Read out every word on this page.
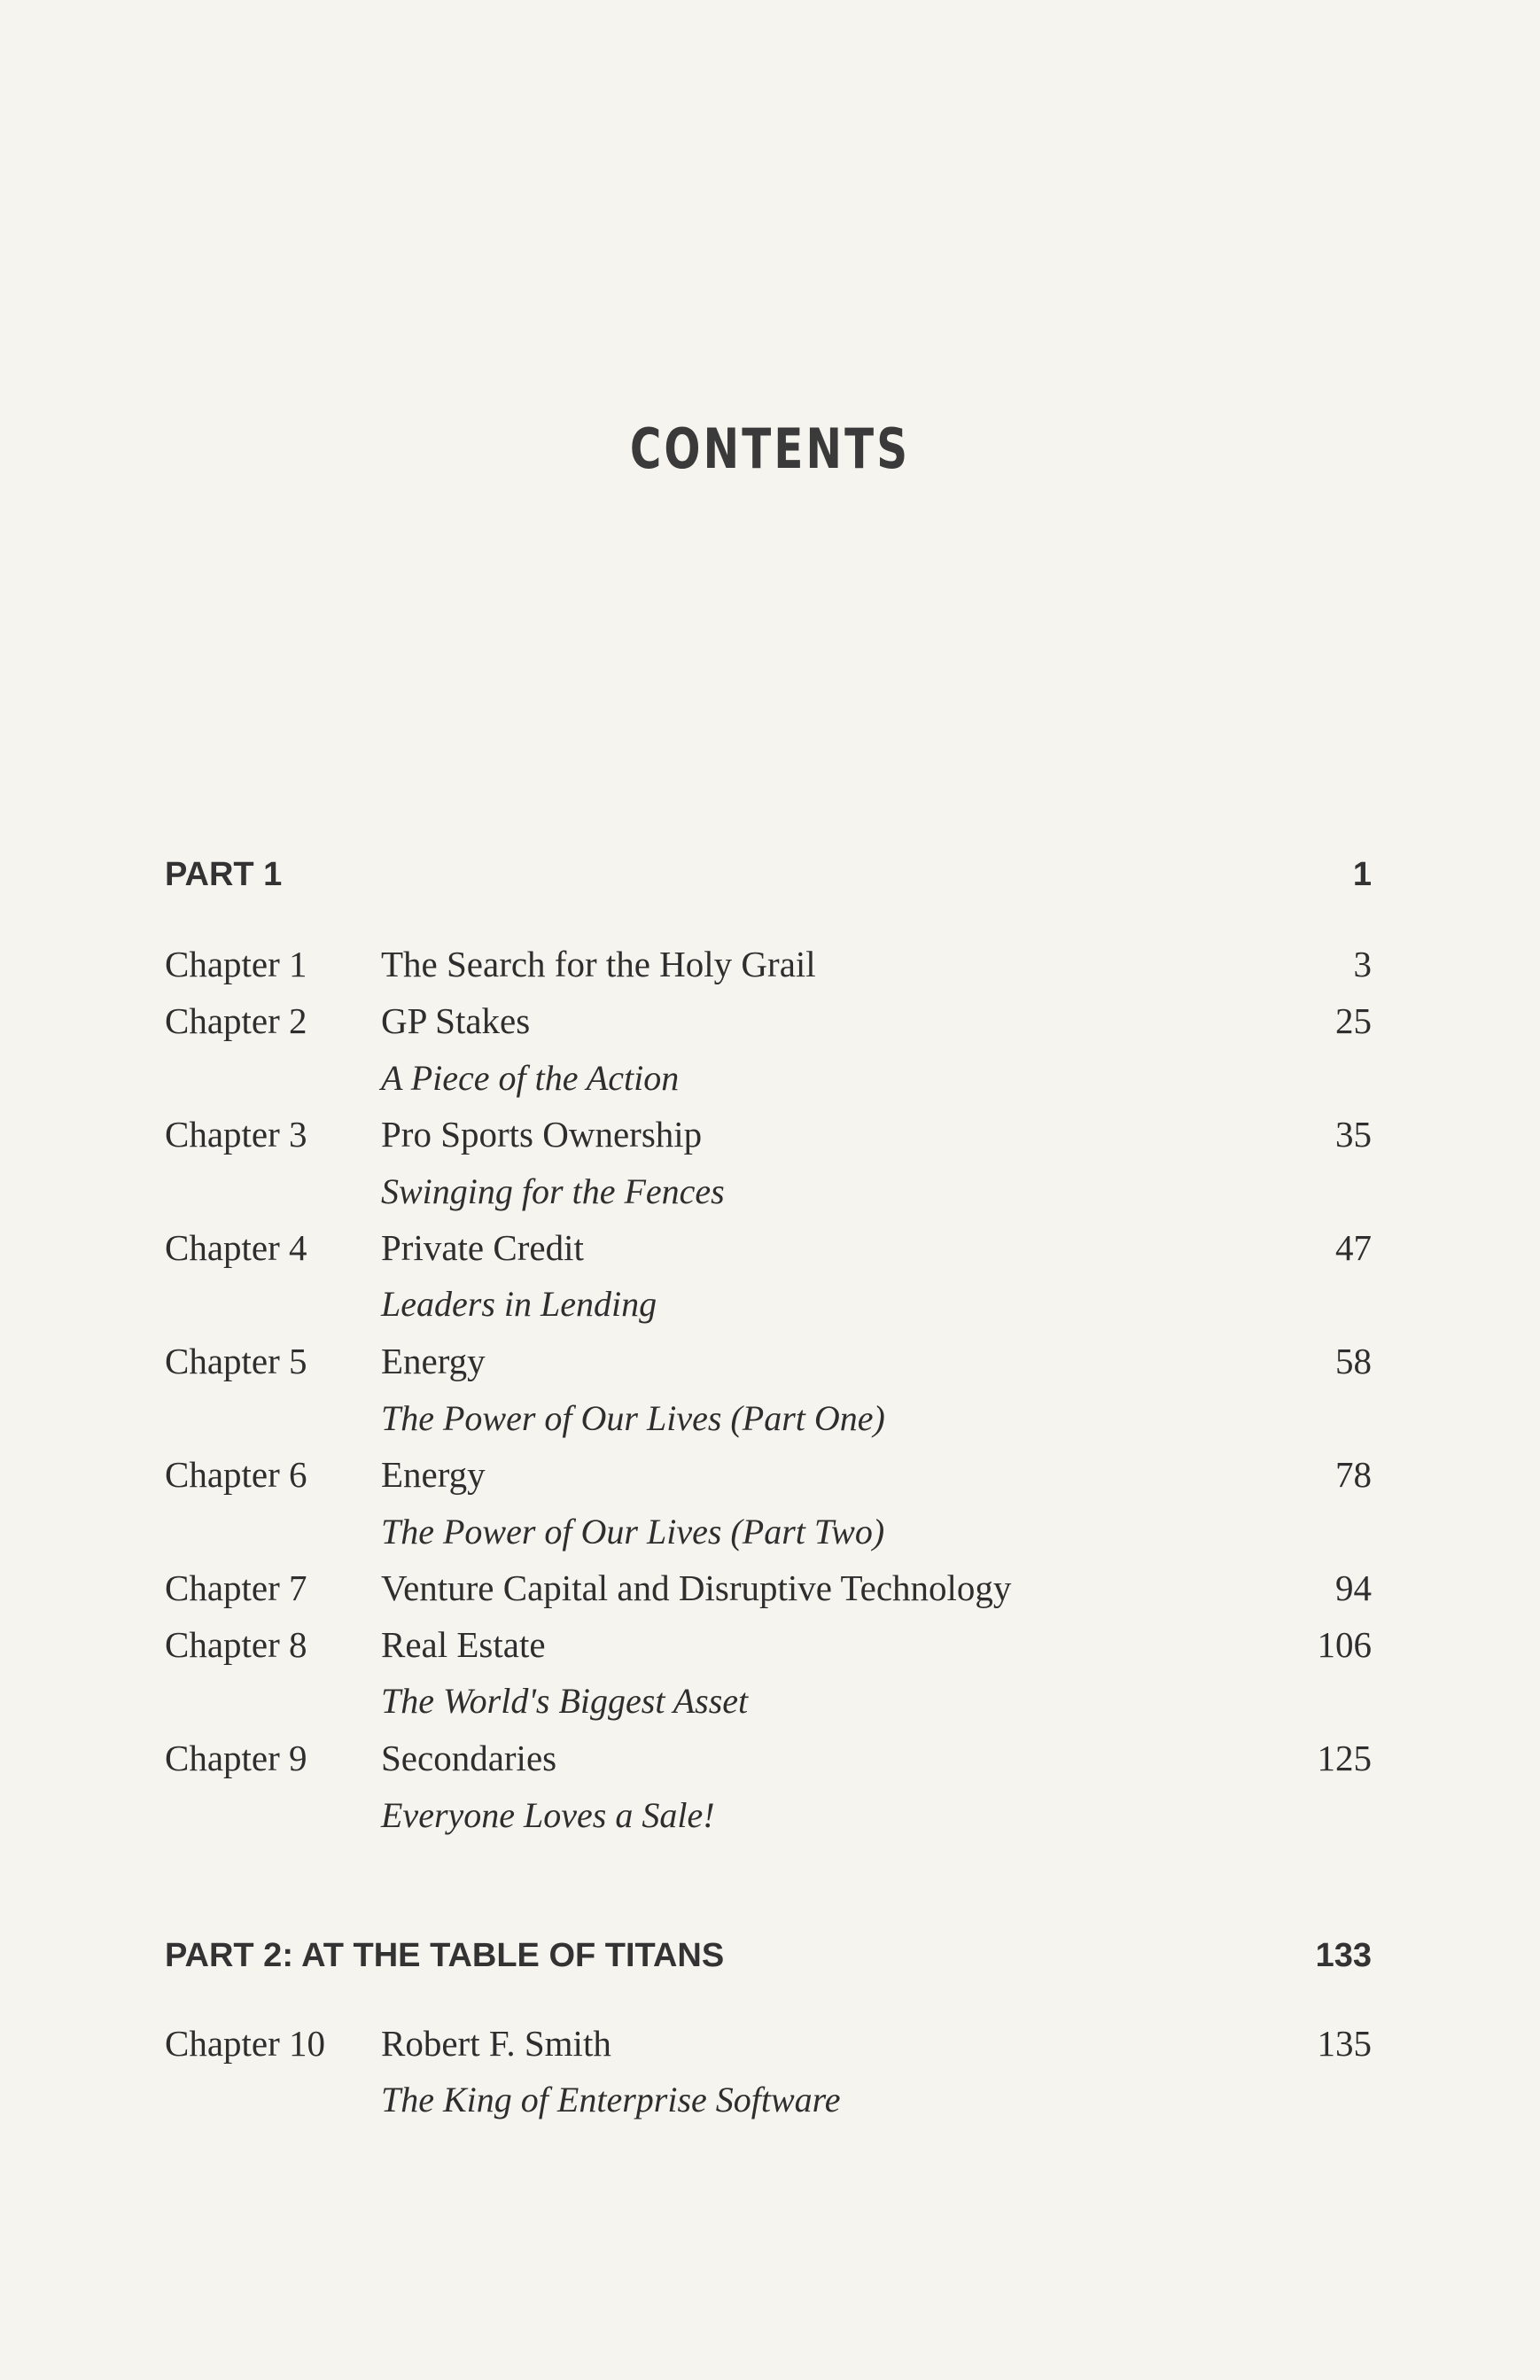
CONTENTS
PART 1	1
Chapter 1 The Search for the Holy Grail	3
Chapter 2 GP Stakes	25
A Piece of the Action
Chapter 3 Pro Sports Ownership	35
Swinging for the Fences
Chapter 4 Private Credit	47
Leaders in Lending
Chapter 5 Energy	58
The Power of Our Lives (Part One)
Chapter 6 Energy	78
The Power of Our Lives (Part Two)
Chapter 7 Venture Capital and Disruptive Technology	94
Chapter 8 Real Estate	106
The World's Biggest Asset
Chapter 9 Secondaries	125
Everyone Loves a Sale!
PART 2: AT THE TABLE OF TITANS	133
Chapter 10 Robert F. Smith	135
The King of Enterprise Software
